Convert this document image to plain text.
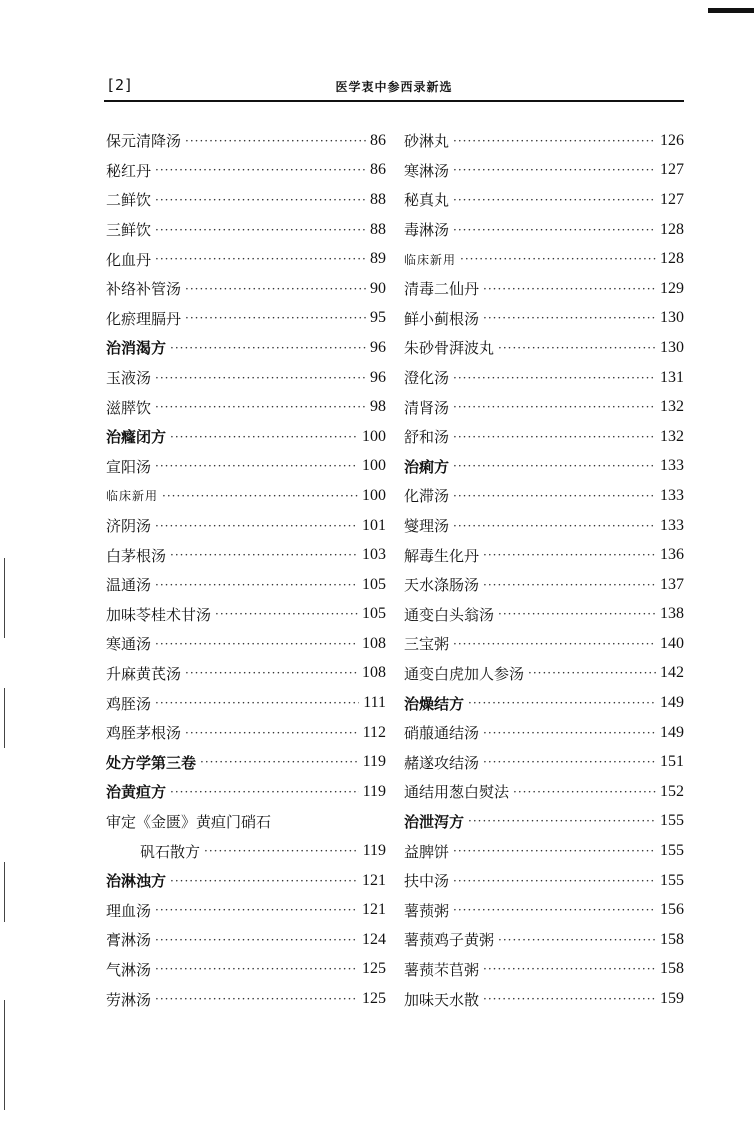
[2]	医学衷中参西录新选
保元清降汤 ·····	86
秘红丹 ·····	86
二鲜饮 ·····	88
三鲜饮 ·····	88
化血丹 ·····	89
补络补管汤 ·····	90
化瘀理膈丹 ·····	95
治消渴方 ·····	96
玉液汤 ·····	96
滋膵饮 ·····	98
治癃闭方 ·····	100
宣阳汤 ·····	100
临床新用 ·····	100
济阴汤 ·····	101
白茅根汤 ·····	103
温通汤 ·····	105
加味苓桂术甘汤 ·····	105
寒通汤 ·····	108
升麻黄芪汤 ·····	108
鸡胵汤 ·····	111
鸡胵茅根汤 ·····	112
处方学第三卷 ·····	119
治黄疸方 ·····	119
审定《金匮》黄疸门硝石
矾石散方 ·····	119
治淋浊方 ·····	121
理血汤 ·····	121
膏淋汤 ·····	124
气淋汤 ·····	125
劳淋汤 ·····	125
砂淋丸 ·····	126
寒淋汤 ·····	127
秘真丸 ·····	127
毒淋汤 ·····	128
临床新用 ·····	128
清毒二仙丹 ·····	129
鲜小蓟根汤 ·····	130
朱砂骨湃波丸 ·····	130
澄化汤 ·····	131
清肾汤 ·····	132
舒和汤 ·····	132
治痢方 ·····	133
化滞汤 ·····	133
燮理汤 ·····	133
解毒生化丹 ·····	136
天水涤肠汤 ·····	137
通变白头翁汤 ·····	138
三宝粥 ·····	140
通变白虎加人参汤 ·····	142
治燥结方 ·····	149
硝菔通结汤 ·····	149
赭遂攻结汤 ·····	151
通结用葱白熨法 ·····	152
治泄泻方 ·····	155
益脾饼 ·····	155
扶中汤 ·····	155
薯蓣粥 ·····	156
薯蓣鸡子黄粥 ·····	158
薯蓣芣苢粥 ·····	158
加味天水散 ·····	159
